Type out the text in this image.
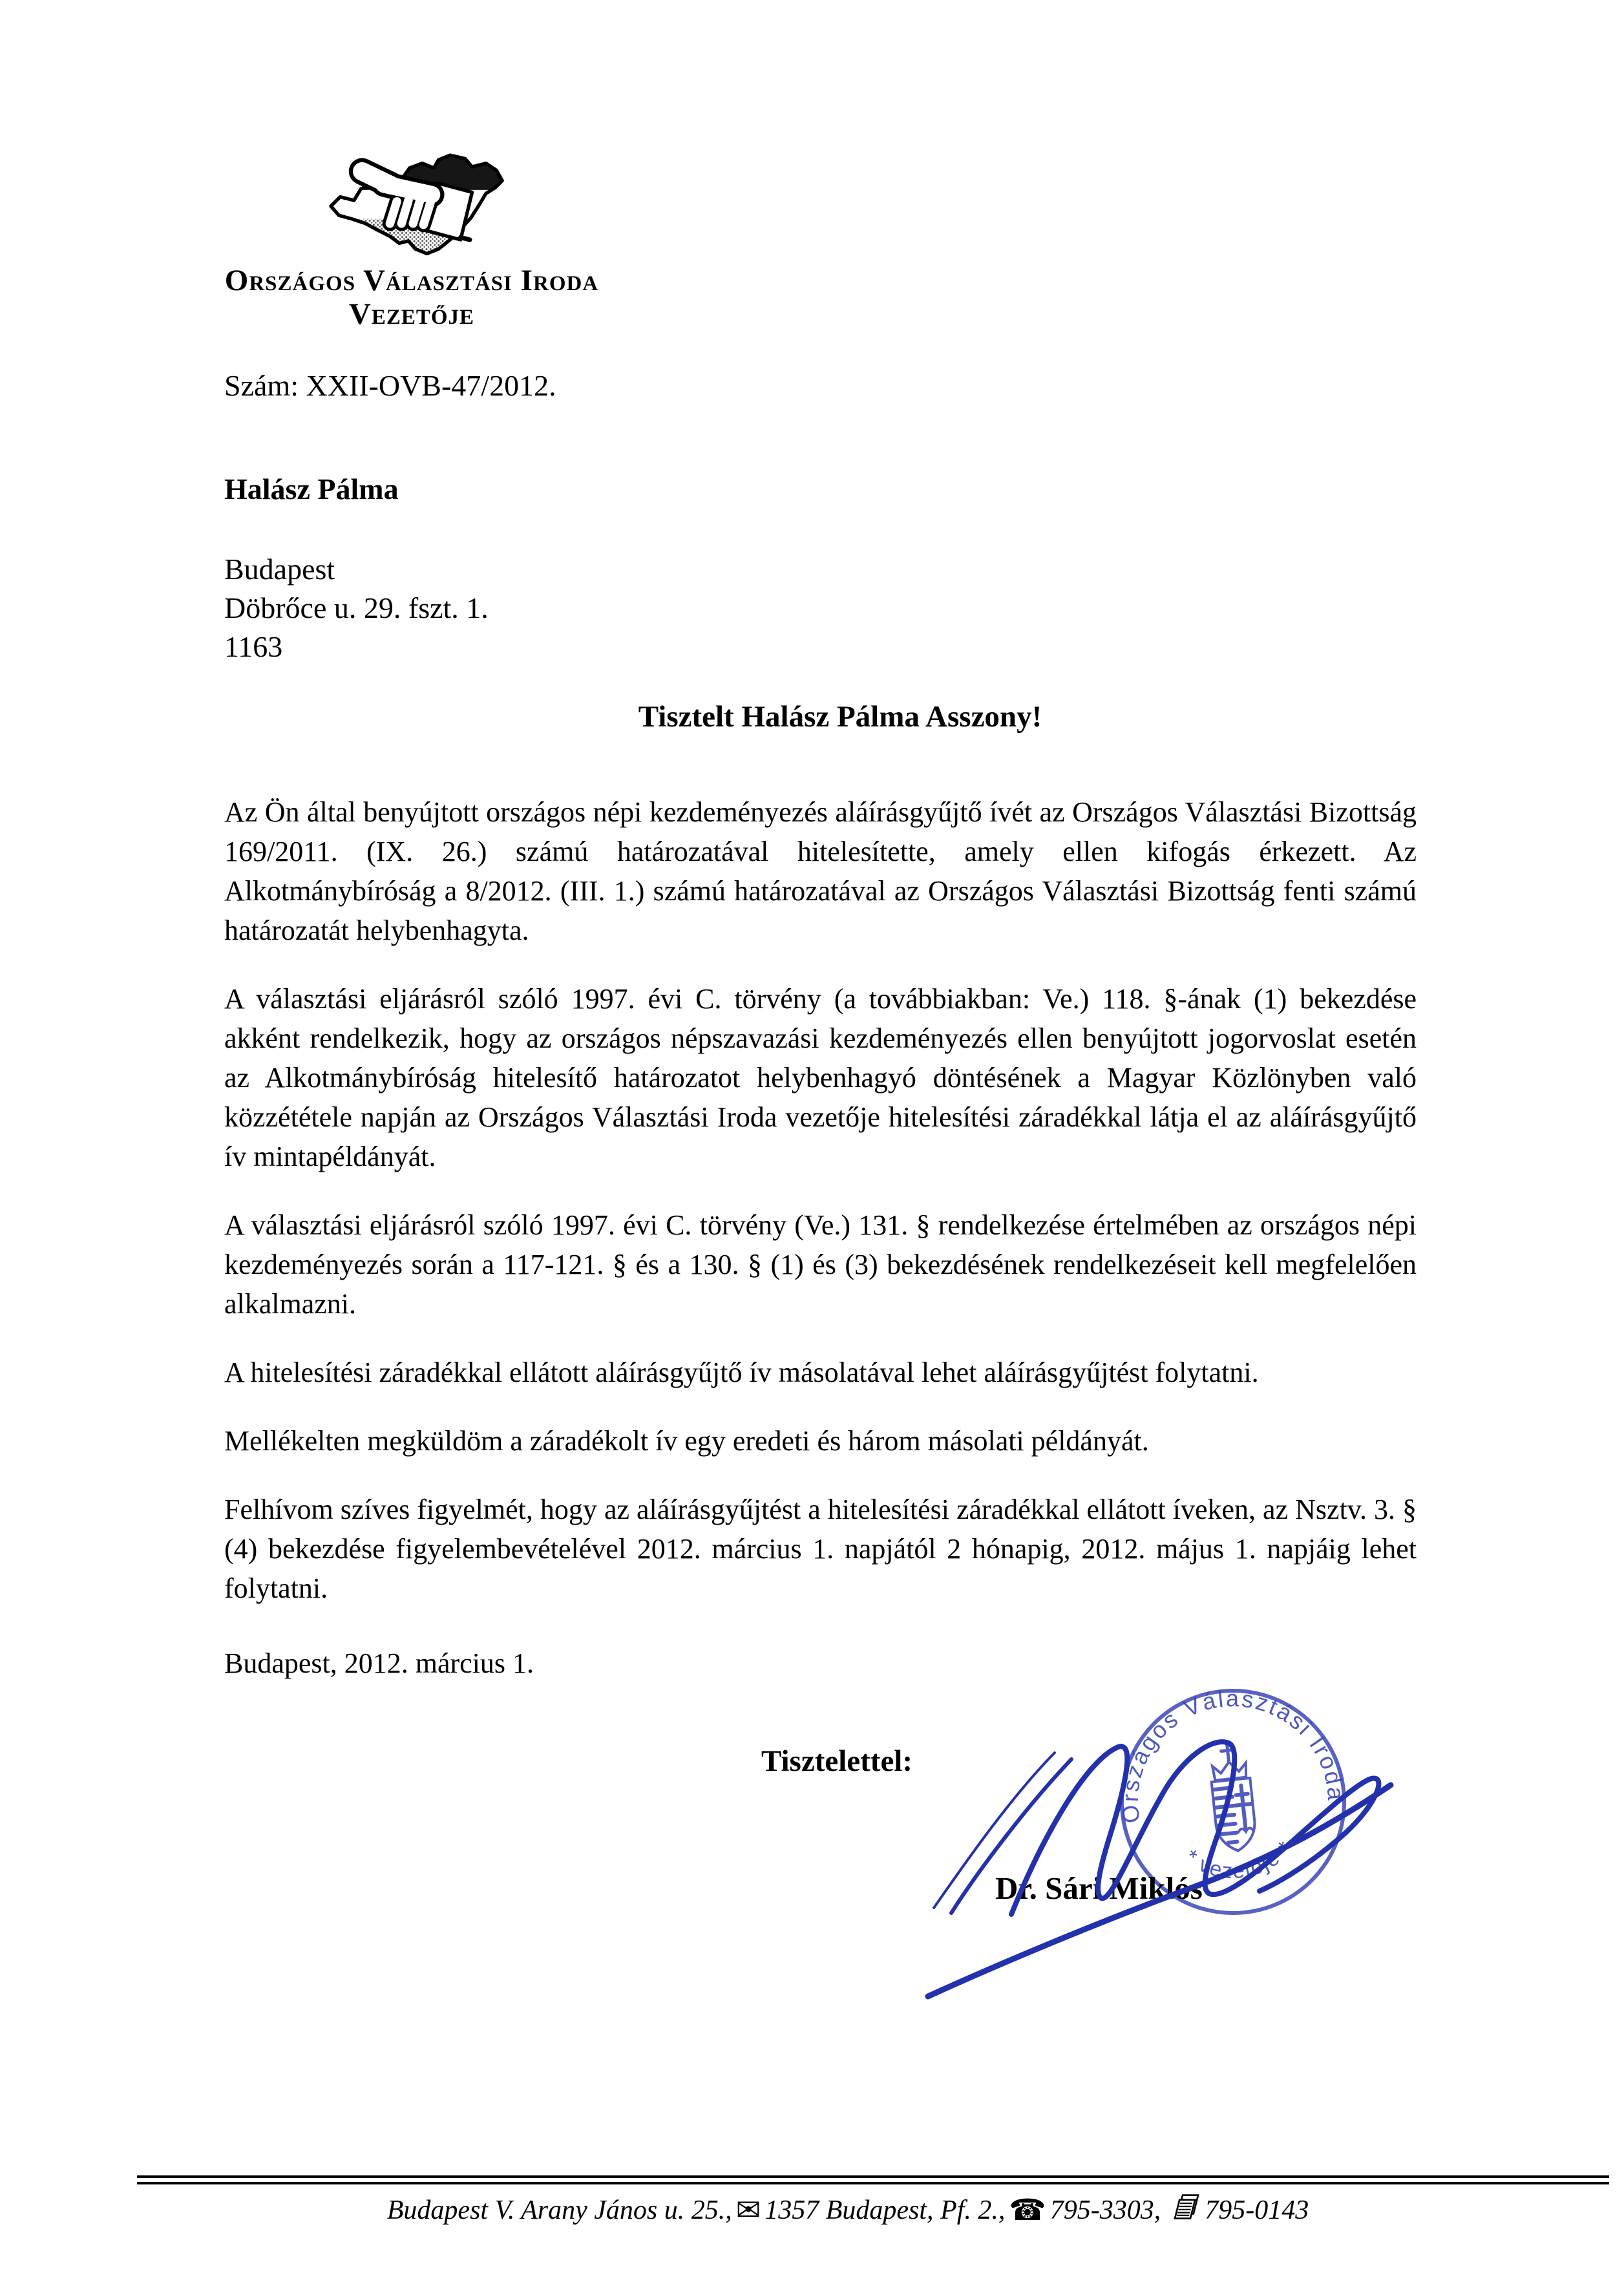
Országos Választási Iroda
Vezetője
Szám: XXII-OVB-47/2012.
Halász Pálma
Budapest
Döbrőce u. 29. fszt. 1.
1163
Tisztelt Halász Pálma Asszony!

Az Ön által benyújtott országos népi kezdeményezés aláírásgyűjtő ívét az Országos Választási Bizottság 169/2011. (IX. 26.) számú határozatával hitelesítette, amely ellen kifogás érkezett. Az Alkotmánybíróság a 8/2012. (III. 1.) számú határozatával az Országos Választási Bizottság fenti számú határozatát helybenhagyta.

A választási eljárásról szóló 1997. évi C. törvény (a továbbiakban: Ve.) 118. §-ának (1) bekezdése akként rendelkezik, hogy az országos népszavazási kezdeményezés ellen benyújtott jogorvoslat esetén az Alkotmánybíróság hitelesítő határozatot helybenhagyó döntésének a Magyar Közlönyben való közzététele napján az Országos Választási Iroda vezetője hitelesítési záradékkal látja el az aláírásgyűjtő ív mintapéldányát.

A választási eljárásról szóló 1997. évi C. törvény (Ve.) 131. § rendelkezése értelmében az országos népi kezdeményezés során a 117-121. § és a 130. § (1) és (3) bekezdésének rendelkezéseit kell megfelelően alkalmazni.

A hitelesítési záradékkal ellátott aláírásgyűjtő ív másolatával lehet aláírásgyűjtést folytatni.

Mellékelten megküldöm a záradékolt ív egy eredeti és három másolati példányát.

Felhívom szíves figyelmét, hogy az aláírásgyűjtést a hitelesítési záradékkal ellátott íveken, az Nsztv. 3. § (4) bekezdése figyelembevételével 2012. március 1. napjától 2 hónapig, 2012. május 1. napjáig lehet folytatni.

Budapest, 2012. március 1.

Tisztelettel:
Országos Választási Iroda
* vezetője *
Dr. Sári Miklós
Budapest V. Arany János u. 25., ✉ 1357 Budapest, Pf. 2., ☎ 795-3303, 795-0143
